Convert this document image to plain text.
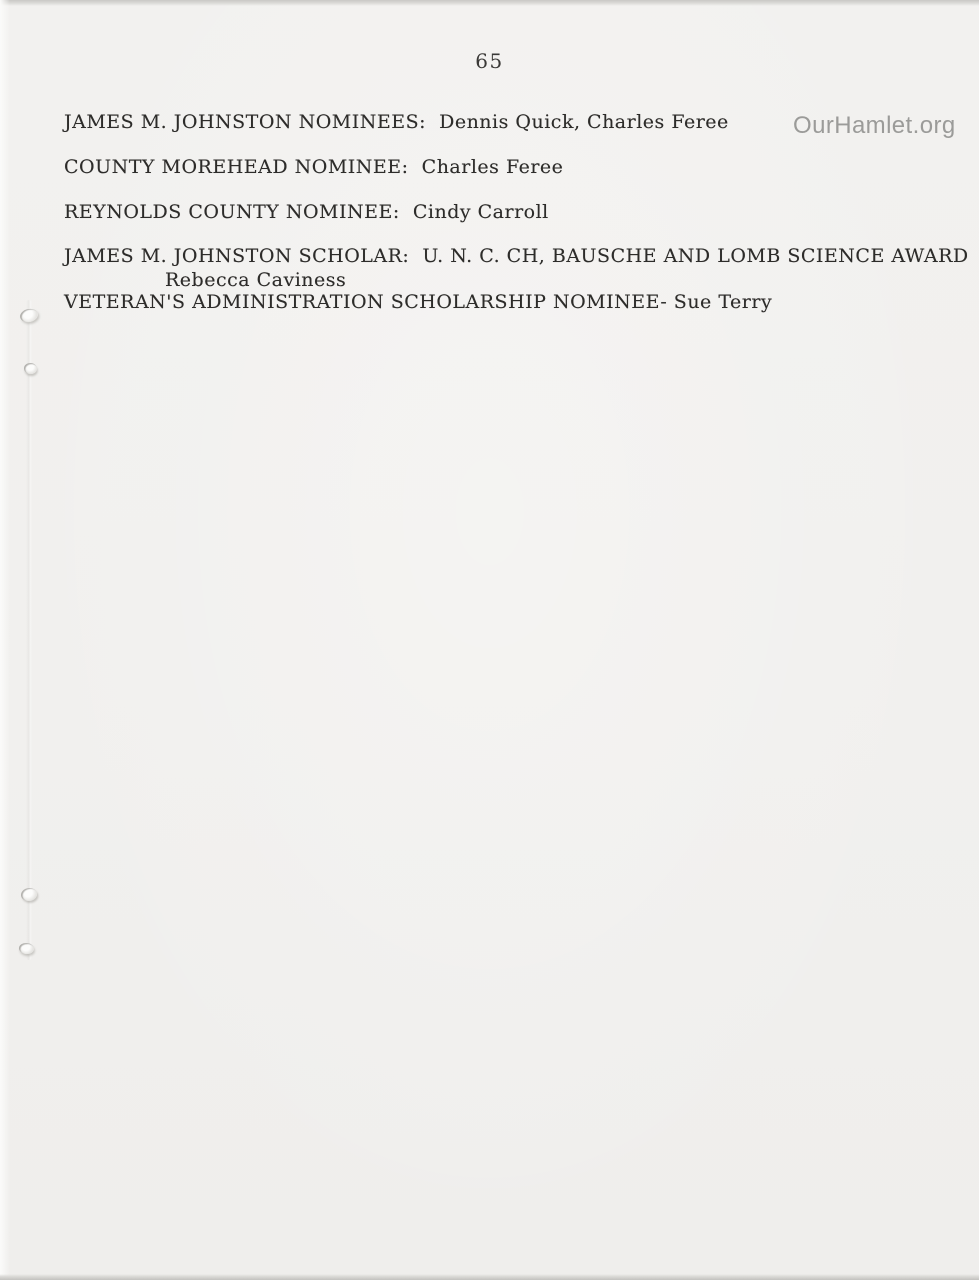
65
OurHamlet.org
JAMES M. JOHNSTON NOMINEES:  Dennis Quick, Charles Feree
COUNTY MOREHEAD NOMINEE:  Charles Feree
REYNOLDS COUNTY NOMINEE:  Cindy Carroll
JAMES M. JOHNSTON SCHOLAR:  U. N. C. CH, BAUSCHE AND LOMB SCIENCE AWARD
Rebecca Caviness
VETERAN'S ADMINISTRATION SCHOLARSHIP NOMINEE- Sue Terry
